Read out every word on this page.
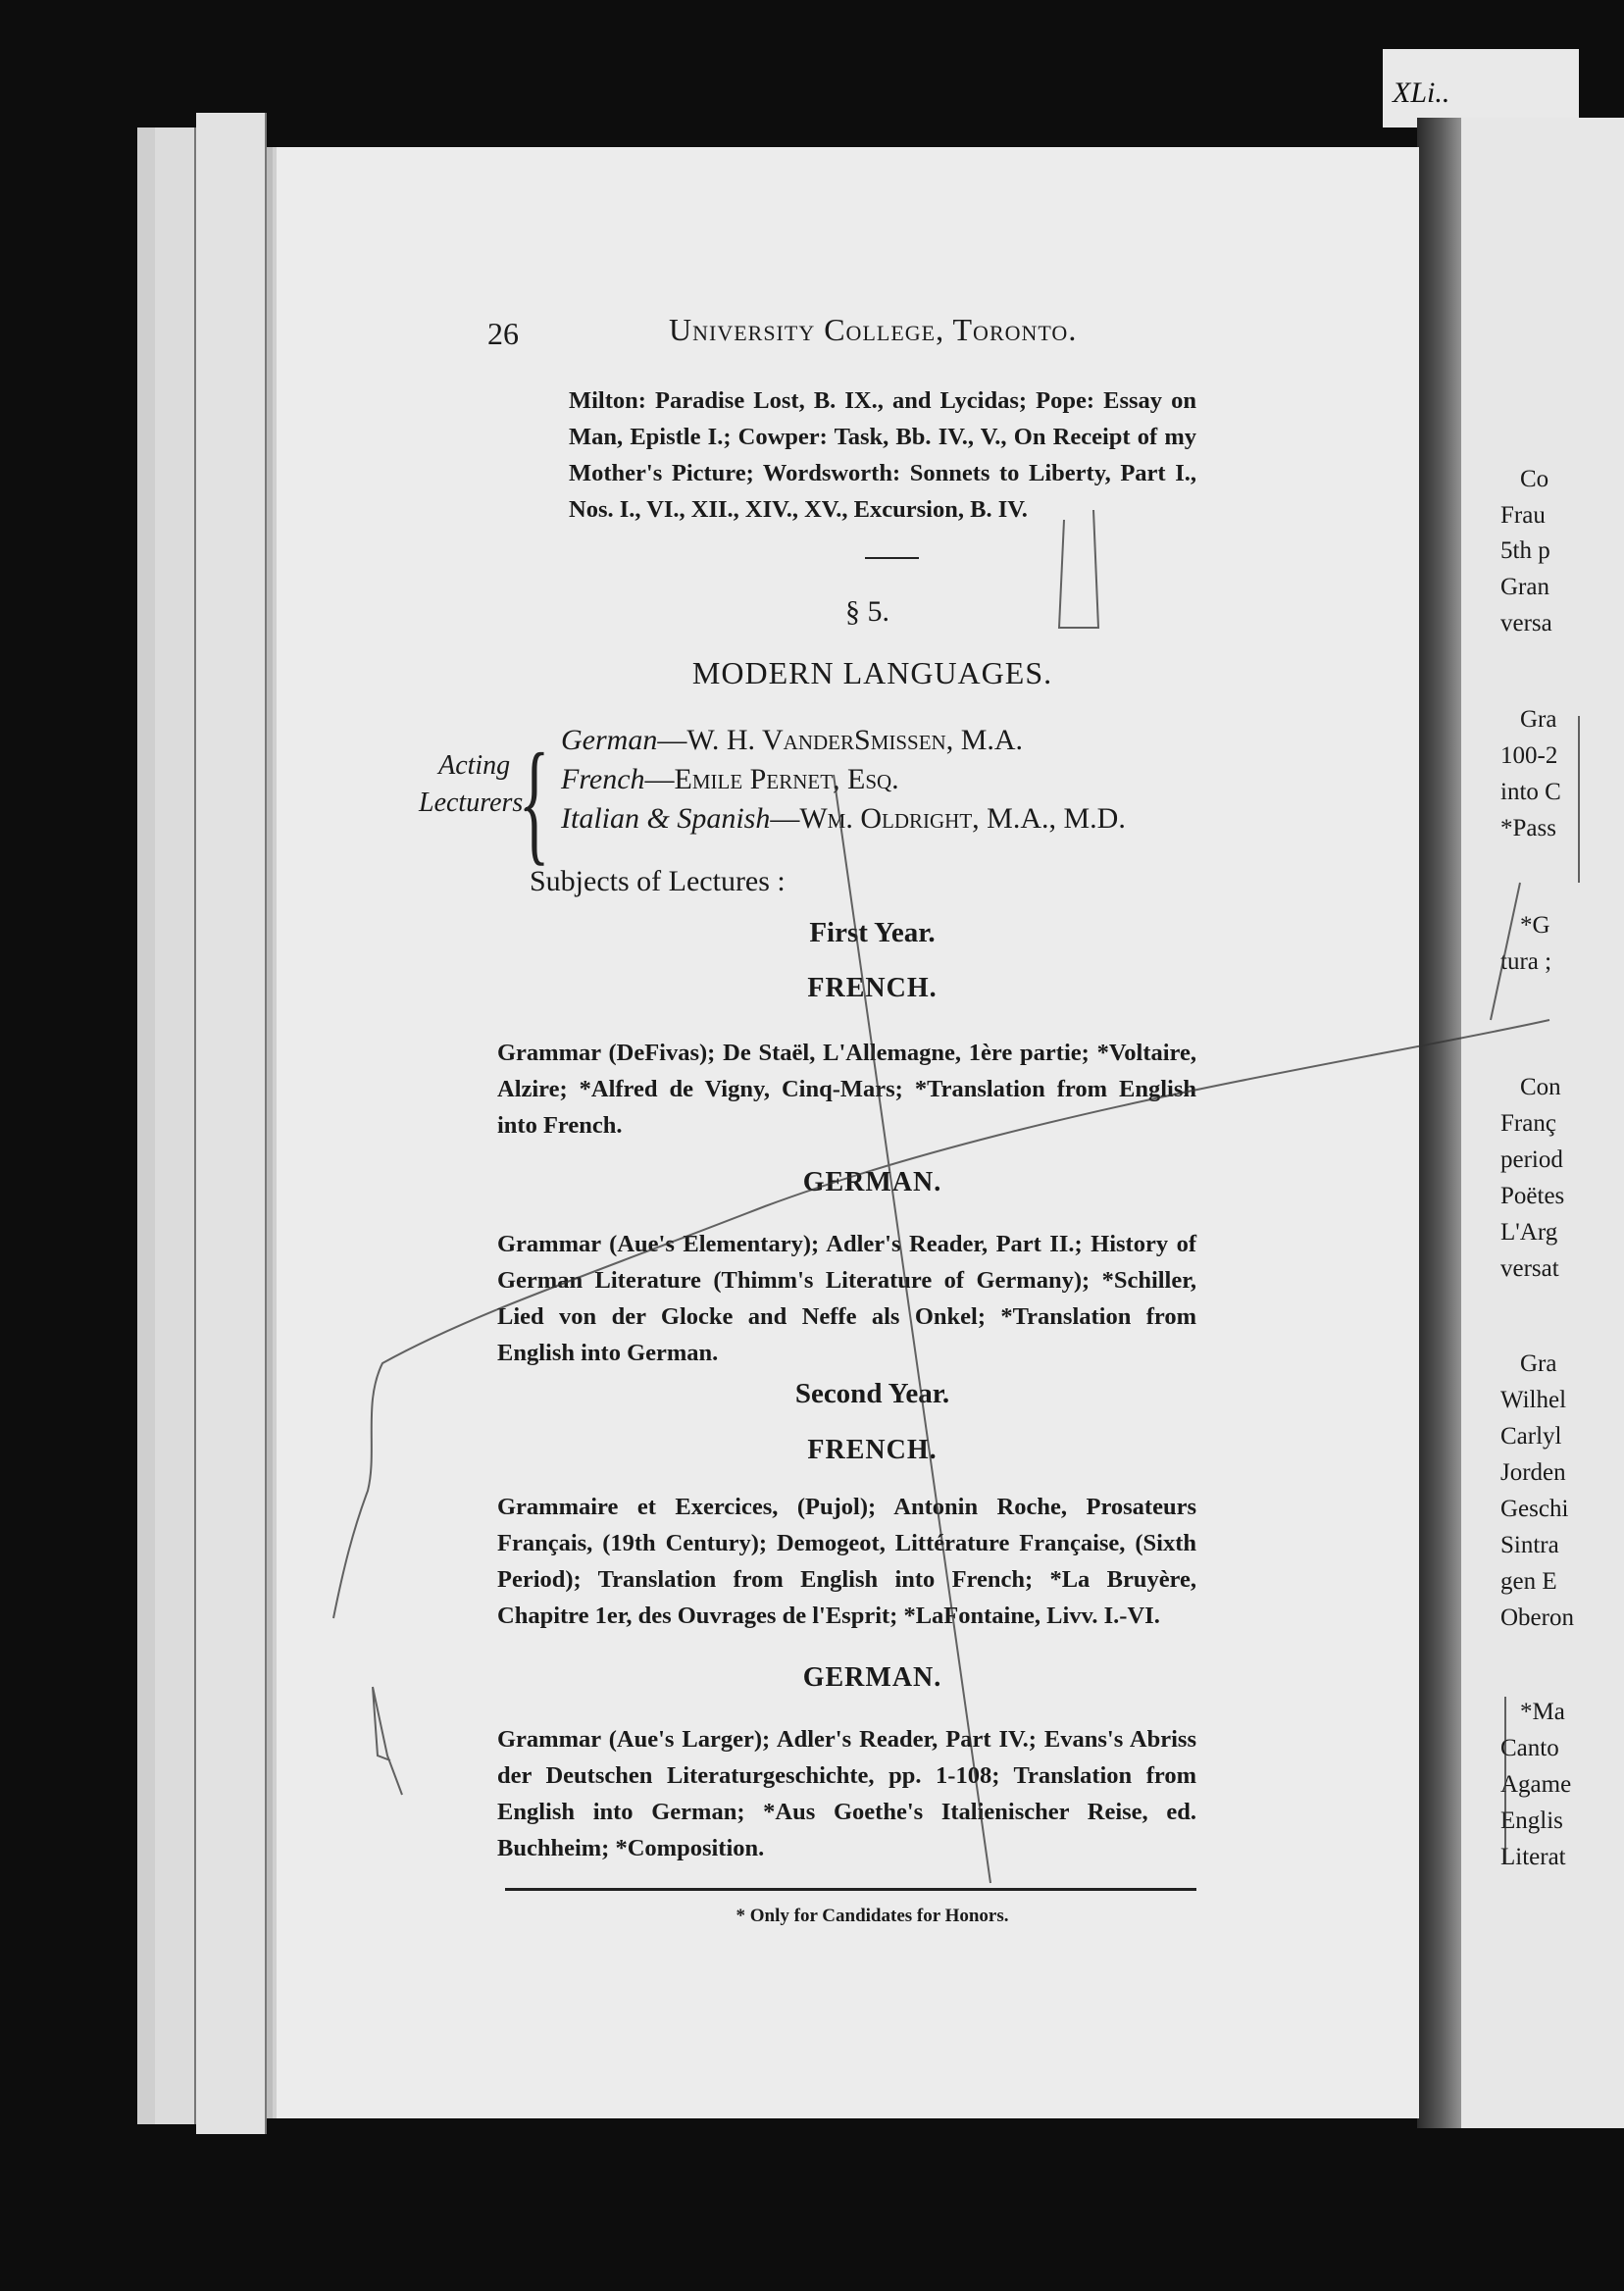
XLi..
Co
Frau
5th p
Gran
versa
Gra
100-2
into C
*Pass
*G
tura ;
Con
Franç
period
Poëtes
L'Arg
versat
Gra
Wilhel
Carlyl
Jorden
Geschi
Sintra
gen E
Oberon
*Ma
Canto
Agame
Englis
Literat
26	University College, Toronto.
Milton: Paradise Lost, B. IX., and Lycidas; Pope: Essay on Man, Epistle I.; Cowper: Task, Bb. IV., V., On Receipt of my Mother's Picture; Wordsworth: Sonnets to Liberty, Part I., Nos. I., VI., XII., XIV., XV., Excursion, B. IV.
§ 5.
MODERN LANGUAGES.
Acting
Lecturers.
{ German—W. H. VanderSmissen, M.A.
French—Emile Pernet, Esq.
Italian & Spanish—Wm. Oldright, M.A., M.D.
Subjects of Lectures :
First Year.
FRENCH.
Grammar (DeFivas); De Staël, L'Allemagne, 1ère partie; *Voltaire, Alzire; *Alfred de Vigny, Cinq-Mars; *Translation from English into French.
GERMAN.
Grammar (Aue's Elementary); Adler's Reader, Part II.; History of German Literature (Thimm's Literature of Germany); *Schiller, Lied von der Glocke and Neffe als Onkel; *Translation from English into German.
Second Year.
FRENCH.
Grammaire et Exercices, (Pujol); Antonin Roche, Prosateurs Français, (19th Century); Demogeot, Littérature Française, (Sixth Period); Translation from English into French; *La Bruyère, Chapitre 1er, des Ouvrages de l'Esprit; *LaFontaine, Livv. I.-VI.
GERMAN.
Grammar (Aue's Larger); Adler's Reader, Part IV.; Evans's Abriss der Deutschen Literaturgeschichte, pp. 1-108; Translation from English into German; *Aus Goethe's Italienischer Reise, ed. Buchheim; *Composition.
* Only for Candidates for Honors.
